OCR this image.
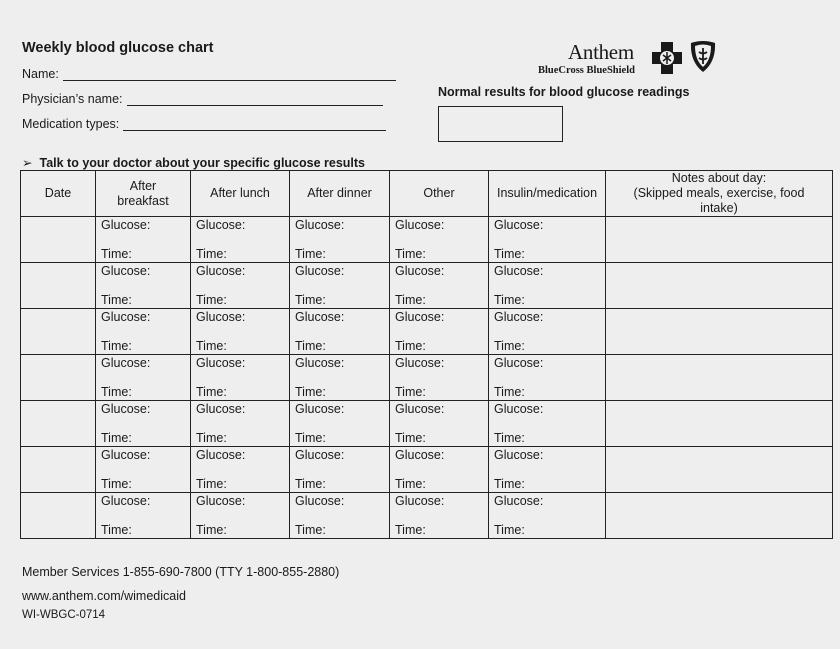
Weekly blood glucose chart
Name:
Physician’s name:
Medication types:
Anthem
BlueCross BlueShield
Normal results for blood glucose readings
➢ Talk to your doctor about your specific glucose results
Date	After breakfast	After lunch	After dinner	Other	Insulin/medication	Notes about day:
(Skipped meals, exercise, food intake)

	Glucose:
Time:	Glucose:
Time:	Glucose:
Time:	Glucose:
Time:	Glucose:
Time:	

	Glucose:
Time:	Glucose:
Time:	Glucose:
Time:	Glucose:
Time:	Glucose:
Time:	

	Glucose:
Time:	Glucose:
Time:	Glucose:
Time:	Glucose:
Time:	Glucose:
Time:	

	Glucose:
Time:	Glucose:
Time:	Glucose:
Time:	Glucose:
Time:	Glucose:
Time:	

	Glucose:
Time:	Glucose:
Time:	Glucose:
Time:	Glucose:
Time:	Glucose:
Time:	

	Glucose:
Time:	Glucose:
Time:	Glucose:
Time:	Glucose:
Time:	Glucose:
Time:	

	Glucose:
Time:	Glucose:
Time:	Glucose:
Time:	Glucose:
Time:	Glucose:
Time:	

Member Services 1-855-690-7800 (TTY 1-800-855-2880)
www.anthem.com/wimedicaid
WI-WBGC-0714
